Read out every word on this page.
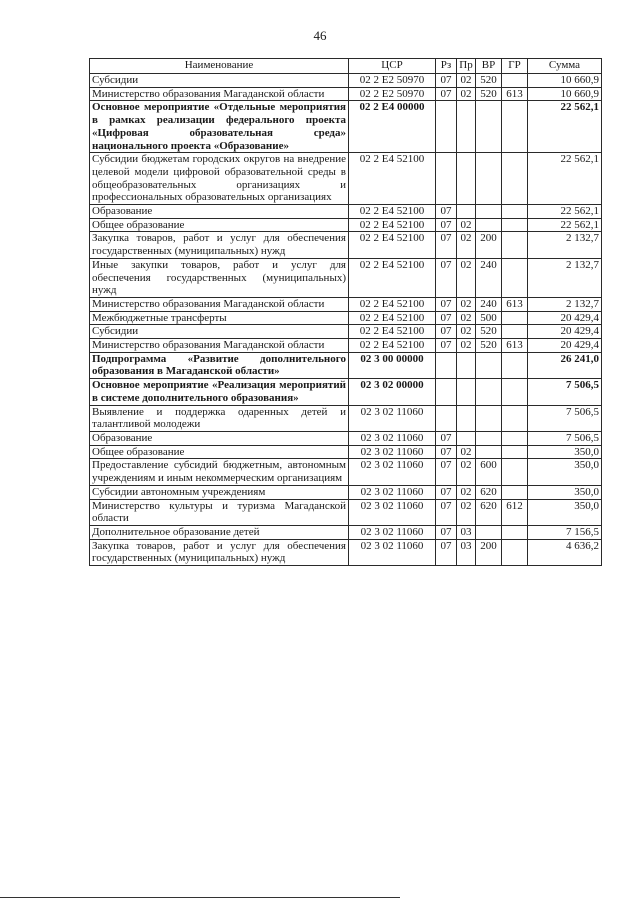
46
Наименование	ЦСР	Рз	Пр	ВР	ГР	Сумма
Субсидии	02 2 E2 50970	07	02	520		10 660,9
Министерство образования Магаданской области	02 2 E2 50970	07	02	520	613	10 660,9
Основное мероприятие «Отдельные мероприятия в рамках реализации федерального проекта «Цифровая образовательная среда» национального проекта «Образование»	02 2 E4 00000					22 562,1
Субсидии бюджетам городских округов на внедрение целевой модели цифровой образовательной среды в общеобразовательных организациях и профессиональных образовательных организациях	02 2 E4 52100					22 562,1
Образование	02 2 E4 52100	07				22 562,1
Общее образование	02 2 E4 52100	07	02			22 562,1
Закупка товаров, работ и услуг для обеспечения государственных (муниципальных) нужд	02 2 E4 52100	07	02	200		2 132,7
Иные закупки товаров, работ и услуг для обеспечения государственных (муниципальных) нужд	02 2 E4 52100	07	02	240		2 132,7
Министерство образования Магаданской области	02 2 E4 52100	07	02	240	613	2 132,7
Межбюджетные трансферты	02 2 E4 52100	07	02	500		20 429,4
Субсидии	02 2 E4 52100	07	02	520		20 429,4
Министерство образования Магаданской области	02 2 E4 52100	07	02	520	613	20 429,4
Подпрограмма «Развитие дополнительного образования в Магаданской области»	02 3 00 00000					26 241,0
Основное мероприятие «Реализация мероприятий в системе дополнительного образования»	02 3 02 00000					7 506,5
Выявление и поддержка одаренных детей и талантливой молодежи	02 3 02 11060					7 506,5
Образование	02 3 02 11060	07				7 506,5
Общее образование	02 3 02 11060	07	02			350,0
Предоставление субсидий бюджетным, автономным учреждениям и иным некоммерческим организациям	02 3 02 11060	07	02	600		350,0
Субсидии автономным учреждениям	02 3 02 11060	07	02	620		350,0
Министерство культуры и туризма Магаданской области	02 3 02 11060	07	02	620	612	350,0
Дополнительное образование детей	02 3 02 11060	07	03			7 156,5
Закупка товаров, работ и услуг для обеспечения государственных (муниципальных) нужд	02 3 02 11060	07	03	200		4 636,2
